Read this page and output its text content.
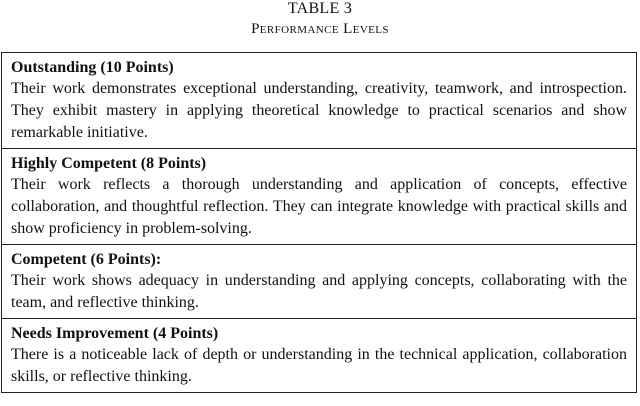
TABLE 3
Performance Levels
Outstanding (10 Points)
Their work demonstrates exceptional understanding, creativity, teamwork, and introspection. They exhibit mastery in applying theoretical knowledge to practical scenarios and show remarkable initiative.
Highly Competent (8 Points)
Their work reflects a thorough understanding and application of concepts, effective collaboration, and thoughtful reflection. They can integrate knowledge with practical skills and show proficiency in problem-solving.
Competent (6 Points):
Their work shows adequacy in understanding and applying concepts, collaborating with the team, and reflective thinking.
Needs Improvement (4 Points)
There is a noticeable lack of depth or understanding in the technical application, collaboration skills, or reflective thinking.
